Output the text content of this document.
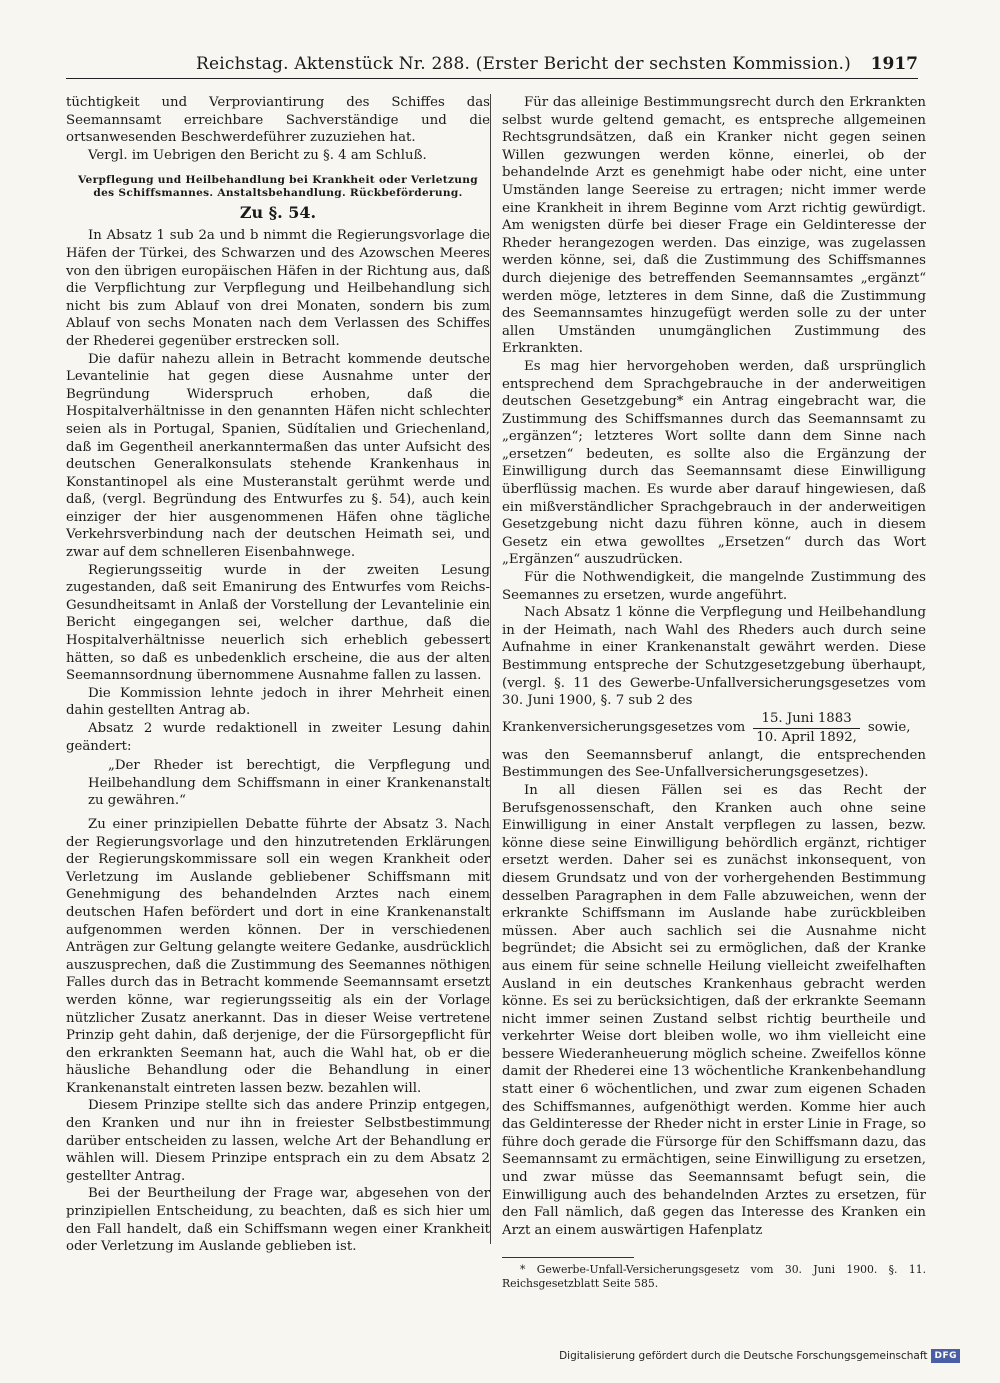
Reichstag. Aktenstück Nr. 288. (Erster Bericht der sechsten Kommission.) 1917

tüchtigkeit und Verproviantirung des Schiffes das Seemannsamt erreichbare Sachverständige und die ortsanwesenden Beschwerdeführer zuzuziehen hat.

Vergl. im Uebrigen den Bericht zu §. 4 am Schluß.

Verpflegung und Heilbehandlung bei Krankheit oder Verletzung des Schiffsmannes. Anstaltsbehandlung. Rückbeförderung.
Zu §. 54.

In Absatz 1 sub 2a und b nimmt die Regierungsvorlage die Häfen der Türkei, des Schwarzen und des Azowschen Meeres von den übrigen europäischen Häfen in der Richtung aus, daß die Verpflichtung zur Verpflegung und Heilbehandlung sich nicht bis zum Ablauf von drei Monaten, sondern bis zum Ablauf von sechs Monaten nach dem Verlassen des Schiffes der Rhederei gegenüber erstrecken soll.

Die dafür nahezu allein in Betracht kommende deutsche Levantelinie hat gegen diese Ausnahme unter der Begründung Widerspruch erhoben, daß die Hospitalverhältnisse in den genannten Häfen nicht schlechter seien als in Portugal, Spanien, Südítalien und Griechenland, daß im Gegentheil anerkanntermaßen das unter Aufsicht des deutschen Generalkonsulats stehende Krankenhaus in Konstantinopel als eine Musteranstalt gerühmt werde und daß, (vergl. Begründung des Entwurfes zu §. 54), auch kein einziger der hier ausgenommenen Häfen ohne tägliche Verkehrsverbindung nach der deutschen Heimath sei, und zwar auf dem schnelleren Eisenbahnwege.

Regierungsseitig wurde in der zweiten Lesung zugestanden, daß seit Emanirung des Entwurfes vom Reichs-Gesundheitsamt in Anlaß der Vorstellung der Levantelinie ein Bericht eingegangen sei, welcher darthue, daß die Hospitalverhältnisse neuerlich sich erheblich gebessert hätten, so daß es unbedenklich erscheine, die aus der alten Seemannsordnung übernommene Ausnahme fallen zu lassen.

Die Kommission lehnte jedoch in ihrer Mehrheit einen dahin gestellten Antrag ab.

Absatz 2 wurde redaktionell in zweiter Lesung dahin geändert:

„Der Rheder ist berechtigt, die Verpflegung und Heilbehandlung dem Schiffsmann in einer Krankenanstalt zu gewähren.“

Zu einer prinzipiellen Debatte führte der Absatz 3. Nach der Regierungsvorlage und den hinzutretenden Erklärungen der Regierungskommissare soll ein wegen Krankheit oder Verletzung im Auslande gebliebener Schiffsmann mit Genehmigung des behandelnden Arztes nach einem deutschen Hafen befördert und dort in eine Krankenanstalt aufgenommen werden können. Der in verschiedenen Anträgen zur Geltung gelangte weitere Gedanke, ausdrücklich auszusprechen, daß die Zustimmung des Seemannes nöthigen Falles durch das in Betracht kommende Seemannsamt ersetzt werden könne, war regierungsseitig als ein der Vorlage nützlicher Zusatz anerkannt. Das in dieser Weise vertretene Prinzip geht dahin, daß derjenige, der die Fürsorgepflicht für den erkrankten Seemann hat, auch die Wahl hat, ob er die häusliche Behandlung oder die Behandlung in einer Krankenanstalt eintreten lassen bezw. bezahlen will.

Diesem Prinzipe stellte sich das andere Prinzip entgegen, den Kranken und nur ihn in freiester Selbstbestimmung darüber entscheiden zu lassen, welche Art der Behandlung er wählen will. Diesem Prinzipe entsprach ein zu dem Absatz 2 gestellter Antrag.

Bei der Beurtheilung der Frage war, abgesehen von der prinzipiellen Entscheidung, zu beachten, daß es sich hier um den Fall handelt, daß ein Schiffsmann wegen einer Krankheit oder Verletzung im Auslande geblieben ist.

Für das alleinige Bestimmungsrecht durch den Erkrankten selbst wurde geltend gemacht, es entspreche allgemeinen Rechtsgrundsätzen, daß ein Kranker nicht gegen seinen Willen gezwungen werden könne, einerlei, ob der behandelnde Arzt es genehmigt habe oder nicht, eine unter Umständen lange Seereise zu ertragen; nicht immer werde eine Krankheit in ihrem Beginne vom Arzt richtig gewürdigt. Am wenigsten dürfe bei dieser Frage ein Geldinteresse der Rheder herangezogen werden. Das einzige, was zugelassen werden könne, sei, daß die Zustimmung des Schiffsmannes durch diejenige des betreffenden Seemannsamtes „ergänzt“ werden möge, letzteres in dem Sinne, daß die Zustimmung des Seemannsamtes hinzugefügt werden solle zu der unter allen Umständen unumgänglichen Zustimmung des Erkrankten.

Es mag hier hervorgehoben werden, daß ursprünglich entsprechend dem Sprachgebrauche in der anderweitigen deutschen Gesetzgebung* ein Antrag eingebracht war, die Zustimmung des Schiffsmannes durch das Seemannsamt zu „ergänzen“; letzteres Wort sollte dann dem Sinne nach „ersetzen“ bedeuten, es sollte also die Ergänzung der Einwilligung durch das Seemannsamt diese Einwilligung überflüssig machen. Es wurde aber darauf hingewiesen, daß ein mißverständlicher Sprachgebrauch in der anderweitigen Gesetzgebung nicht dazu führen könne, auch in diesem Gesetz ein etwa gewolltes „Ersetzen“ durch das Wort „Ergänzen“ auszudrücken.

Für die Nothwendigkeit, die mangelnde Zustimmung des Seemannes zu ersetzen, wurde angeführt.

Nach Absatz 1 könne die Verpflegung und Heilbehandlung in der Heimath, nach Wahl des Rheders auch durch seine Aufnahme in einer Krankenanstalt gewährt werden. Diese Bestimmung entspreche der Schutzgesetzgebung überhaupt, (vergl. §. 11 des Gewerbe-Unfallversicherungsgesetzes vom 30. Juni 1900, §. 7 sub 2 des

Krankenversicherungsgesetzes vom $\frac{\text{15. Juni 1883}}{\text{10. April 1892,}}$ sowie,

was den Seemannsberuf anlangt, die entsprechenden Bestimmungen des See-Unfallversicherungsgesetzes).

In all diesen Fällen sei es das Recht der Berufsgenossenschaft, den Kranken auch ohne seine Einwilligung in einer Anstalt verpflegen zu lassen, bezw. könne diese seine Einwilligung behördlich ergänzt, richtiger ersetzt werden. Daher sei es zunächst inkonsequent, von diesem Grundsatz und von der vorhergehenden Bestimmung desselben Paragraphen in dem Falle abzuweichen, wenn der erkrankte Schiffsmann im Auslande habe zurückbleiben müssen. Aber auch sachlich sei die Ausnahme nicht begründet; die Absicht sei zu ermöglichen, daß der Kranke aus einem für seine schnelle Heilung vielleicht zweifelhaften Ausland in ein deutsches Krankenhaus gebracht werden könne. Es sei zu berücksichtigen, daß der erkrankte Seemann nicht immer seinen Zustand selbst richtig beurtheile und verkehrter Weise dort bleiben wolle, wo ihm vielleicht eine bessere Wiederanheuerung möglich scheine. Zweifellos könne damit der Rhederei eine 13 wöchentliche Krankenbehandlung statt einer 6 wöchentlichen, und zwar zum eigenen Schaden des Schiffsmannes, aufgenöthigt werden. Komme hier auch das Geldinteresse der Rheder nicht in erster Linie in Frage, so führe doch gerade die Fürsorge für den Schiffsmann dazu, das Seemannsamt zu ermächtigen, seine Einwilligung zu ersetzen, und zwar müsse das Seemannsamt befugt sein, die Einwilligung auch des behandelnden Arztes zu ersetzen, für den Fall nämlich, daß gegen das Interesse des Kranken ein Arzt an einem auswärtigen Hafenplatz

* Gewerbe-Unfall-Versicherungsgesetz vom 30. Juni 1900. §. 11. Reichsgesetzblatt Seite 585.

Digitalisierung gefördert durch die Deutsche Forschungsgemeinschaft DFG
